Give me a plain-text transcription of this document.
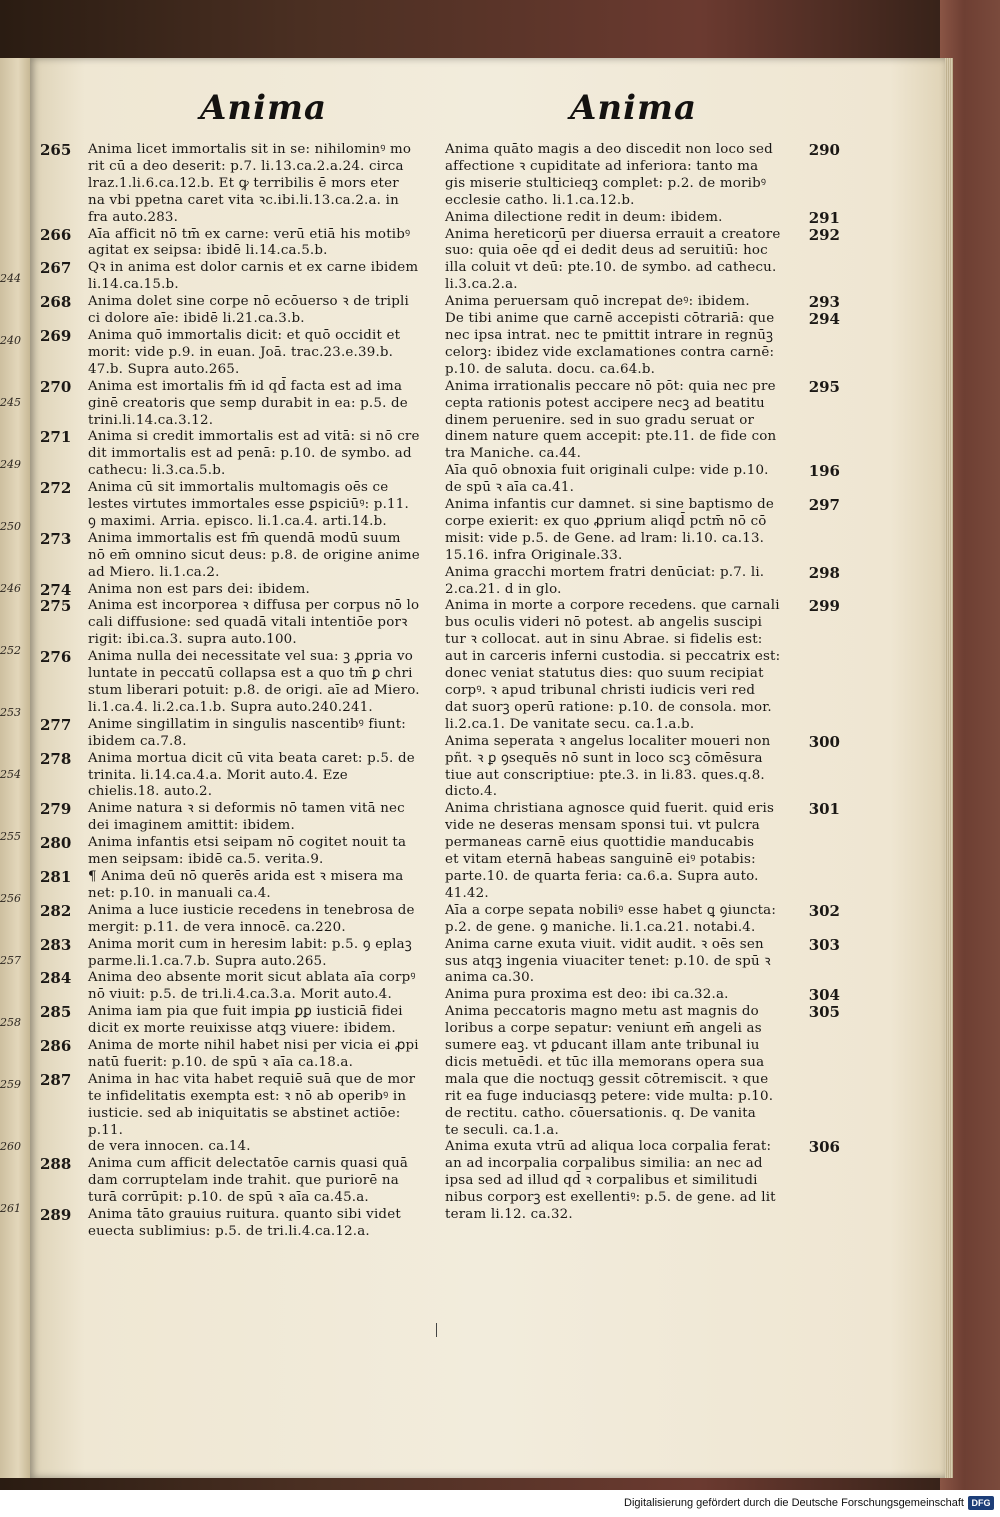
244
240
245
249
250
246
252
253
254
255
256
257
258
259
260
261
Anima	Anima
265	Anima licet immortalis sit in se: nihilominꝰ mo
rit cū a deo deserit: p.7. li.13.ca.2.a.24. circa
lraz.1.li.6.ca.12.b. Et ꝙ terribilis ē mors eter
na vbi ppetna caret vita ꝛc.ibi.li.13.ca.2.a. in
fra auto.283.
266	Aīa afficit nō tm̄ ex carne: verū etiā his motibꝰ
agitat ex seipsa: ibidē li.14.ca.5.b.
267	Qꝛ in anima est dolor carnis et ex carne ibidem
li.14.ca.15.b.
268	Anima dolet sine corpe nō ecōuerso ꝛ de tripli
ci dolore aīe: ibidē li.21.ca.3.b.
269	Anima quō immortalis dicit: et quō occidit et
morit: vide p.9. in euan. Joā. trac.23.e.39.b.
47.b. Supra auto.265.
270	Anima est imortalis fm̄ id qd̄ facta est ad ima
ginē creatoris que semp durabit in ea: p.5. de
trini.li.14.ca.3.12.
271	Anima si credit immortalis est ad vitā: si nō cre
dit immortalis est ad penā: p.10. de symbo. ad
cathecu: li.3.ca.5.b.
272	Anima cū sit immortalis multomagis oēs ce
lestes virtutes immortales esse ꝑspiciūꝰ: p.11.
ꝯ maximi. Arria. episco. li.1.ca.4. arti.14.b.
273	Anima immortalis est fm̄ quendā modū suum
nō em̄ omnino sicut deus: p.8. de origine anime
ad Miero. li.1.ca.2.
274	Anima non est pars dei: ibidem.
275	Anima est incorporea ꝛ diffusa per corpus nō lo
cali diffusione: sed quadā vitali intentiōe porꝛ
rigit: ibi.ca.3. supra auto.100.
276	Anima nulla dei necessitate vel sua: ꝫ ꝓpria vo
luntate in peccatū collapsa est a quo tm̄ ꝑ chri
stum liberari potuit: p.8. de origi. aīe ad Miero.
li.1.ca.4. li.2.ca.1.b. Supra auto.240.241.
277	Anime singillatim in singulis nascentibꝰ fiunt:
ibidem ca.7.8.
278	Anima mortua dicit cū vita beata caret: p.5. de
trinita. li.14.ca.4.a. Morit auto.4. Eze
chielis.18. auto.2.
279	Anime natura ꝛ si deformis nō tamen vitā nec
dei imaginem amittit: ibidem.
280	Anima infantis etsi seipam nō cogitet nouit ta
men seipsam: ibidē ca.5. verita.9.
281	¶ Anima deū nō querēs arida est ꝛ misera ma
net: p.10. in manuali ca.4.
282	Anima a luce iusticie recedens in tenebrosa de
mergit: p.11. de vera innocē. ca.220.
283	Anima morit cum in heresim labit: p.5. ꝯ eplaꝫ
parme.li.1.ca.7.b. Supra auto.265.
284	Anima deo absente morit sicut ablata aīa corpꝰ
nō viuit: p.5. de tri.li.4.ca.3.a. Morit auto.4.
285	Anima iam pia que fuit impia ꝑꝑ iusticiā fidei
dicit ex morte reuixisse atqꝫ viuere: ibidem.
286	Anima de morte nihil habet nisi per vicia ei ꝓpi
natū fuerit: p.10. de spū ꝛ aīa ca.18.a.
287	Anima in hac vita habet requiē suā que de mor
te infidelitatis exempta est: ꝛ nō ab operibꝰ in
iusticie. sed ab iniquitatis se abstinet actiōe: p.11.
de vera innocen. ca.14.
288	Anima cum afficit delectatōe carnis quasi quā
dam corruptelam inde trahit. que puriorē na
turā corrūpit: p.10. de spū ꝛ aīa ca.45.a.
289	Anima tāto grauius ruitura. quanto sibi videt
euecta sublimius: p.5. de tri.li.4.ca.12.a.
290
Anima quāto magis a deo discedit non loco sed
affectione ꝛ cupiditate ad inferiora: tanto ma
gis miserie stulticieqꝫ complet: p.2. de moribꝰ
ecclesie catho. li.1.ca.12.b.
291
Anima dilectione redit in deum: ibidem.
292
Anima hereticorū per diuersa errauit a creatore
suo: quia oēe qd̄ ei dedit deus ad seruitiū: hoc
illa coluit vt deū: pte.10. de symbo. ad cathecu.
li.3.ca.2.a.
293
Anima peruersam quō increpat deꝰ: ibidem.
294
De tibi anime que carnē accepisti cōtrariā: que
nec ipsa intrat. nec te pmittit intrare in regnūꝫ
celorꝫ: ibidez vide exclamationes contra carnē:
p.10. de saluta. docu. ca.64.b.
295
Anima irrationalis peccare nō pōt: quia nec pre
cepta rationis potest accipere necꝫ ad beatitu
dinem peruenire. sed in suo gradu seruat or
dinem nature quem accepit: pte.11. de fide con
tra Maniche. ca.44.
196
Aīa quō obnoxia fuit originali culpe: vide p.10.
de spū ꝛ aīa ca.41.
297
Anima infantis cur damnet. si sine baptismo de
corpe exierit: ex quo ꝓprium aliqd̄ pctm̄ nō cō
misit: vide p.5. de Gene. ad lram: li.10. ca.13.
15.16. infra Originale.33.
298
Anima gracchi mortem fratri denūciat: p.7. li.
2.ca.21. d in glo.
299
Anima in morte a corpore recedens. que carnali
bus oculis videri nō potest. ab angelis suscipi
tur ꝛ collocat. aut in sinu Abrae. si fidelis est:
aut in carceris inferni custodia. si peccatrix est:
donec veniat statutus dies: quo suum recipiat
corpꝰ. ꝛ apud tribunal christi iudicis veri red
dat suorꝫ operū ratione: p.10. de consola. mor.
li.2.ca.1. De vanitate secu. ca.1.a.b.
300
Anima seperata ꝛ angelus localiter moueri non
pñt. ꝛ ꝑ ꝯsequēs nō sunt in loco scꝫ cōmēsura
tiue aut conscriptiue: pte.3. in li.83. ques.q.8.
dicto.4.
301
Anima christiana agnosce quid fuerit. quid eris
vide ne deseras mensam sponsi tui. vt pulcra
permaneas carnē eius quottidie manducabis
et vitam eternā habeas sanguinē eiꝰ potabis:
parte.10. de quarta feria: ca.6.a. Supra auto.
41.42.
302
Aīa a corpe sepata nobiliꝰ esse habet ꝗ ꝯiuncta:
p.2. de gene. ꝯ maniche. li.1.ca.21. notabi.4.
303
Anima carne exuta viuit. vidit audit. ꝛ oēs sen
sus atqꝫ ingenia viuaciter tenet: p.10. de spū ꝛ
anima ca.30.
304
Anima pura proxima est deo: ibi ca.32.a.
305
Anima peccatoris magno metu ast magnis do
loribus a corpe sepatur: veniunt em̄ angeli as
sumere eaꝫ. vt ꝑducant illam ante tribunal iu
dicis metuēdi. et tūc illa memorans opera sua
mala que die noctuqꝫ gessit cōtremiscit. ꝛ que
rit ea fuge induciasqꝫ petere: vide multa: p.10.
de rectitu. catho. cōuersationis. q. De vanita
te seculi. ca.1.a.
306
Anima exuta vtrū ad aliqua loca corpalia ferat:
an ad incorpalia corpalibus similia: an nec ad
ipsa sed ad illud qd̄ ꝛ corpalibus et similitudi
nibus corporꝫ est exellentiꝰ: p.5. de gene. ad lit
teram li.12. ca.32.
Digitalisierung gefördert durch die Deutsche Forschungsgemeinschaft DFG
